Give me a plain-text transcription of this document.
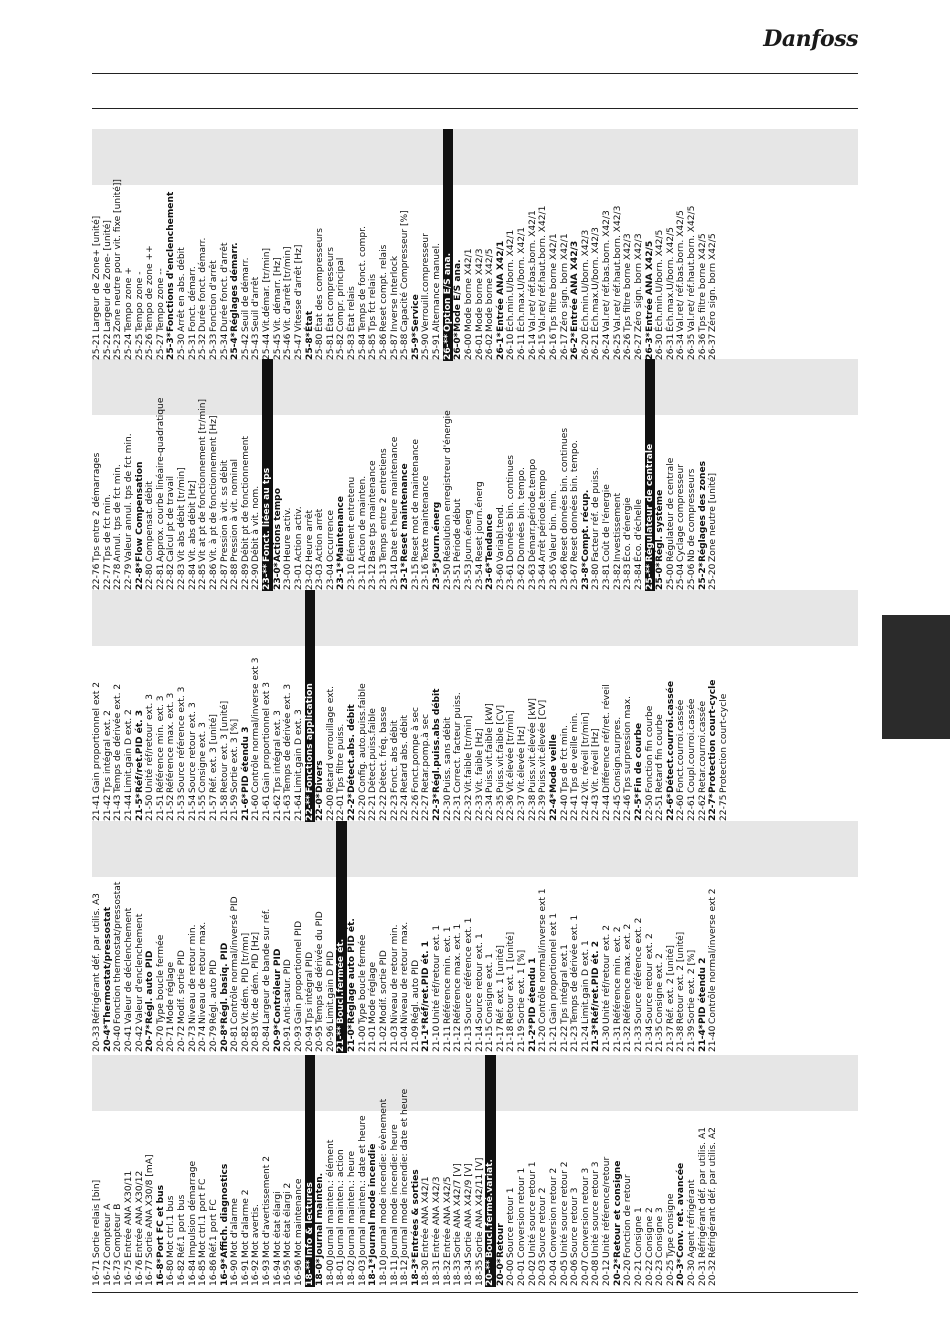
Danfoss
16-71Sortie relais [bin]
16-72Compteur A
16-73Compteur B
16-75Entrée ANA X30/11
16-76Entrée ANA X30/12
16-77Sortie ANA X30/8 [mA]
16-8*Port FC et bus
16-80Mot ctrl.1 bus
16-82Réf.1 port bus
16-84Impulsion démarrage
16-85Mot ctrl.1 port FC
16-86Réf.1 port FC
16-9*Affich. diagnostics
16-90Mot d'alarme
16-91Mot d'alarme 2
16-92Mot avertis.
16-93Mot d'avertissement 2
16-94Mot état élargi
16-95Mot état élargi 2
16-96Mot maintenance
18-**Info & lectures
18-0*Journal mainten.
18-00Journal mainten.: élément
18-01Journal mainten.: action
18-02Journal mainten.: heure
18-03Journal mainten.: date et heure
18-1*Journal mode incendie
18-10Journal mode incendie: évènement
18-11Journal mode incendie: heure
18-12Journal mode incendie: date et heure
18-3*Entrées & sorties
18-30Entrée ANA X42/1
18-31Entrée ANA X42/3
18-32Entrée ANA X42/5
18-33Sortie ANA X42/7 [V]
18-34Sortie ANA X42/9 [V]
18-35Sortie ANA X42/11 [V]
20-**Boucl.fermé.variat.
20-0*Retour
20-00Source retour 1
20-01Conversion retour 1
20-02Unité source retour 1
20-03Source retour 2
20-04Conversion retour 2
20-05Unité source retour 2
20-06Source retour 3
20-07Conversion retour 3
20-08Unité source retour 3
20-12Unité référence/retour
20-2*Retour et consigne
20-20Fonction de retour
20-21Consigne 1
20-22Consigne 2
20-23Consigne 3
20-25Type consigne
20-3*Conv. ret. avancée
20-30Agent réfrigérant
20-31Réfrigérant déf. par utilis. A1
20-32Réfrigérant déf. par utilis. A2
20-33Réfrigérant déf. par utilis. A3
20-4*Thermostat/pressostat
20-40Fonction thermostat/pressostat
20-41Valeur de déclenchement
20-42Valeur d'enclenchement
20-7*Régl. auto PID
20-70Type boucle fermée
20-71Mode réglage
20-72Modif. sortie PID
20-73Niveau de retour min.
20-74Niveau de retour max.
20-79Régl. auto PID
20-8*Régl. basiq. PID
20-81Contrôle normal/inversé PID
20-82Vit.dém. PID [tr/mn]
20-83Vit.de dém. PID [Hz]
20-84Largeur de bande sur réf.
20-9*Contrôleur PID
20-91Anti-satur. PID
20-93Gain proportionnel PID
20-94Tps intégral PID
20-95Temps de dérivée du PID
20-96Limit.gain D PID
21-**Boucl.fermée ét.
21-0*Réglage auto PID ét.
21-00Type boucle fermée
21-01Mode réglage
21-02Modif. sortie PID
21-03Niveau de retour min.
21-04Niveau de retour max.
21-09Régl. auto PID
21-1*Réf/ret.PID ét. 1
21-10Unité réf/retour ext. 1
21-11Référence min. ext. 1
21-12Référence max. ext. 1
21-13Source référence ext. 1
21-14Source retour ext. 1
21-15Consigne ext. 1
21-17Réf. ext. 1 [unité]
21-18Retour ext. 1 [unité]
21-19Sortie ext. 1 [%]
21-2*PID étendu 1
21-20Contrôle normal/inverse ext 1
21-21Gain proportionnel ext 1
21-22Tps intégral ext.1
21-23Temps de dérivée ext. 1
21-24Limit.gain D ext. 1
21-3*Réf/ret.PID ét. 2
21-30Unité réf/retour ext. 2
21-31Référence min. ext. 2
21-32Référence max. ext. 2
21-33Source référence ext. 2
21-34Source retour ext. 2
21-35Consigne ext. 2
21-37Réf. ext. 2 [unité]
21-38Retour ext. 2 [unité]
21-39Sortie ext. 2 [%]
21-4*PID étendu 2
21-40Contrôle normal/inverse ext 2
21-41Gain proportionnel ext 2
21-42Tps intégral ext. 2
21-43Temps de dérivée ext. 2
21-44Limit.gain D ext. 2
21-5*Réf/ret.PID ét. 3
21-50Unité réf/retour ext. 3
21-51Référence min. ext. 3
21-52Référence max. ext. 3
21-53Source référence ext. 3
21-54Source retour ext. 3
21-55Consigne ext. 3
21-57Réf. ext. 3 [unité]
21-58Retour ext. 3 [unité]
21-59Sortie ext. 3 [%]
21-6*PID étendu 3
21-60Contrôle normal/inverse ext 3
21-61Gain proportionnel ext 3
21-62Tps intégral ext. 3
21-63Temps de dérivée ext. 3
21-64Limit.gain D ext. 3
22-**Fonctions application
22-0*Divers
22-00Retard verrouillage ext.
22-01Tps filtre puiss.
22-2*Détect.abs. débit
22-20Config. auto.puiss.faible
22-21Détect.puiss.faible
22-22Détect. fréq. basse
22-23Fonct. abs débit
22-24Retard abs. débit
22-26Fonct.pompe à sec
22-27Retar.pomp.à sec
22-3*Régl.puiss.abs débit
22-30Puiss. sans débit
22-31Correct. facteur puiss.
22-32Vit.faible [tr/min]
22-33Vit. faible [Hz]
22-34Puiss.vit.faible [kW]
22-35Puiss.vit.faible [CV]
22-36Vit.élevée [tr/min]
22-37Vit.élevée [Hz]
22-38Puiss.vit.élevée [kW]
22-39Puiss.vit.élevée [CV]
22-4*Mode veille
22-40Tps de fct min.
22-41Tps de veille min.
22-42Vit. réveil [tr/min]
22-43Vit. réveil [Hz]
22-44Différence réf/ret. réveil
22-45Consign.surpres.
22-46Tps surpression max.
22-5*Fin de courbe
22-50Fonction fin courbe
22-51Retard fin courbe
22-6*Détect.courroi.cassée
22-60Fonct.courroi.cassée
22-61Coupl.courroi.cassée
22-62Retar.courroi.cassée
22-7*Protection court-cycle
22-75Protection court-cycle
22-76Tps entre 2 démarrages
22-77Tps de fct min.
22-78Annul. tps de fct min.
22-79Valeur annul. tps de fct min.
22-8*Flow Compensation
22-80Compensat. débit
22-81Approx. courbe linéaire-quadratique
22-82Calcul pt de travail
22-83Vit abs débit [tr/min]
22-84Vit. abs débit [Hz]
22-85Vit at pt de fonctionnement [tr/min]
22-86Vit. à pt de fonctionnement [Hz]
22-87Pression à vit. ss débit
22-88Pression à vit. nominal
22-89Débit pt de fonctionnement
22-90Débit à vit. nom.
23-**Fonct. liées au tps
23-0*Actions tempo
23-00Heure activ.
23-01Action activ.
23-02Heure arrêt
23-03Action arrêt
23-04Occurrence
23-1*Maintenance
23-10Élément entretenu
23-11Action de mainten.
23-12Base tps maintenance
23-13Temps entre 2 entretiens
23-14Date et heure maintenance
23-1*Reset maintenance
23-15Reset mot de maintenance
23-16Texte maintenance
23-5*Journ.énerg
23-50Résolution enregistreur d'énergie
23-51Période début
23-53Journ.énerg
23-54Reset journ.énerg
23-6*Tendance
23-60Variabl.tend.
23-61Données bin. continues
23-62Données bin. tempo.
23-63Démarr.période.tempo
23-64Arrêt période.tempo
23-65Valeur bin. min.
23-66Reset données bin. continues
23-67Reset données bin. tempo.
23-8*Compt. récup.
23-80Facteur réf. de puiss.
23-81Coût de l'énergie
23-82Investissement
23-83Éco. d'énergie
23-84Éco. d'échelle
25-**Régulateur de centrale
25-0*Régl. système
25-00Régulateur de centrale
25-04Cyclage compresseur
25-06Nb de compresseurs
25-2*Réglages des zones
25-20Zone neutre [unité]
25-21Largeur de Zone+ [unité]
25-22Largeur de Zone- [unité]
25-23Zone neutre pour vit. fixe [unité]]
25-24Tempo zone +
25-25Tempo zone -
25-26Tempo de zone ++
25-27Tempo zone --
25-3*Fonctions d'enclenchement
25-30Arrêt en abs. débit
25-31Fonct. démarr.
25-32Durée fonct. démarr.
25-33Fonction d'arrêt
25-34Durée fonct. d'arrêt
25-4*Réglages démarr.
25-42Seuil de démarr.
25-43Seuil d'arrêt
25-44Vit.démar. [tr/min]
25-45Vit. démarr. [Hz]
25-46Vit. d'arrêt [tr/min]
25-47Vitesse d'arrêt [Hz]
25-8*État
25-80État des compresseurs
25-81État compresseurs
25-82Compr. principal
25-83État relais
25-84Temps de fonct. compr.
25-85Tps fct relais
25-86Reset compt. relais
25-87Inverse Interlock
25-88Capacité Compresseur [%]
25-9*Service
25-90Verrouill.compresseur
25-91Alternance manuel.
26-**Option E/S ana.
26-0*Mode E/S ana.
26-00Mode borne X42/1
26-01Mode borne X42/3
26-02Mode borne X42/5
26-1*Entrée ANA X42/1
26-10Éch.min.U/born. X42/1
26-11Éch.max.U/born. X42/1
26-14Val.ret/ réf.bas.born. X42/1
26-15Val.ret/ réf.haut.born. X42/1
26-16Tps filtre borne X42/1
26-17Zéro sign. born X42/1
26-2*Entrée ANA X42/3
26-20Éch.min.U/born. X42/3
26-21Éch.max.U/born. X42/3
26-24Val.ret/ réf.bas.born. X42/3
26-25Val.ret/ réf.haut.born. X42/3
26-26Tps filtre borne X42/3
26-27Zéro sign. born X42/3
26-3*Entrée ANA X42/5
26-30Éch.min.U/born. X42/5
26-31Éch.max.U/born. X42/5
26-34Val.ret/ réf.bas.born. X42/5
26-35Val.ret/ réf.haut.born. X42/5
26-36Tps filtre borne X42/5
26-37Zéro sign. born X42/5
